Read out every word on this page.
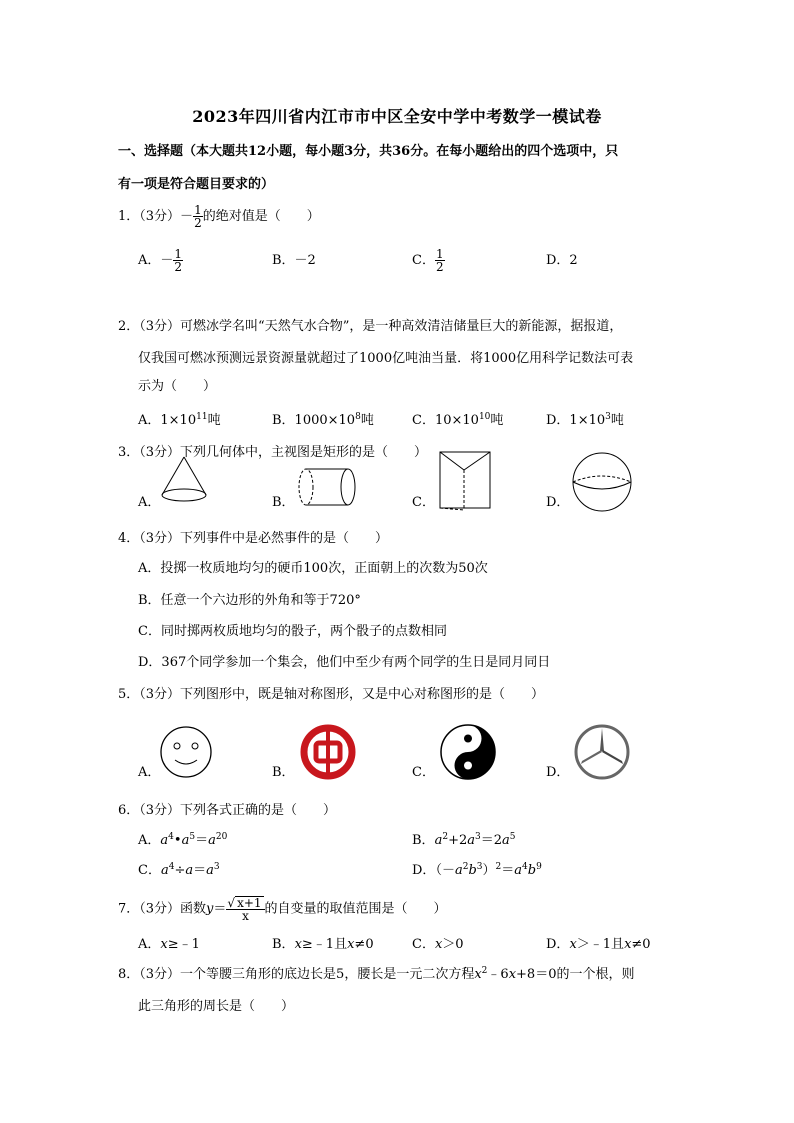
2023年四川省内江市市中区全安中学中考数学一模试卷
一、选择题（本大题共12小题，每小题3分，共36分。在每小题给出的四个选项中，只
有一项是符合题目要求的）
1．（3分）－ $\frac{1}{2}$ 的绝对值是（　　）
A．－ $\frac{1}{2}$	B．－2	C． $\frac{1}{2}$	D．2
2．（3分）可燃冰学名叫“天然气水合物”，是一种高效清洁储量巨大的新能源，据报道，
仅我国可燃冰预测远景资源量就超过了1000亿吨油当量．将1000亿用科学记数法可表
示为（　　）
A．$1\times 10^{11}$吨	B．$1000\times 10^8$吨	C．$10\times 10^{10}$吨	D．$1\times 10^3$吨
3．（3分）下列几何体中，主视图是矩形的是（　　）
A．	B．	C．	D．
4．（3分）下列事件中是必然事件的是（　　）
A．投掷一枚质地均匀的硬币100次，正面朝上的次数为50次
B．任意一个六边形的外角和等于720°
C．同时掷两枚质地均匀的骰子，两个骰子的点数相同
D．367个同学参加一个集会，他们中至少有两个同学的生日是同月同日
5．（3分）下列图形中，既是轴对称图形，又是中心对称图形的是（　　）
A．	B．	C．	D．
6．（3分）下列各式正确的是（　　）
A．$a^4•a^5=a^{20}$	B．$a^2+2a^3=2a^5$
C．$a^4\div a=a^3$	D．$(-a^2b^3)^2=a^4b^9$
7．（3分）函数$y= \frac{√ x+1}{x}$ 的自变量的取值范围是（　　）
A．x≥﹣1	B．x≥﹣1且x≠0	C．x＞0	D．x＞﹣1且x≠0
8．（3分）一个等腰三角形的底边长是5，腰长是一元二次方程$x^2﹣6x+8=0$的一个根，则
此三角形的周长是（　　）
